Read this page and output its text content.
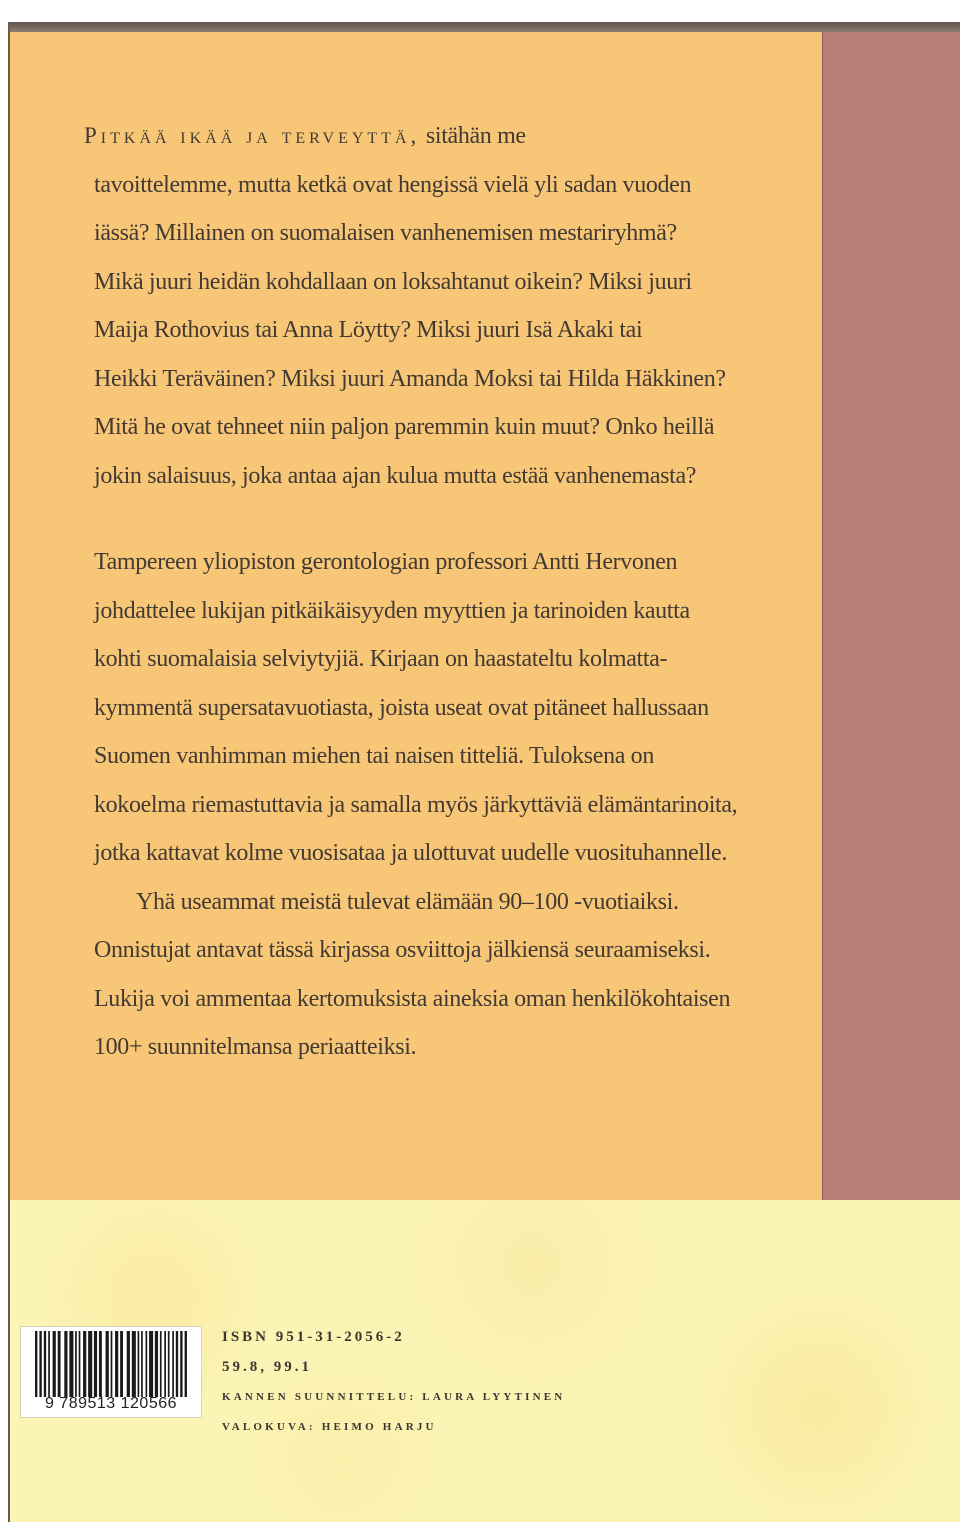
Pitkää ikää ja terveyttä, sitähän me

tavoittelemme, mutta ketkä ovat hengissä vielä yli sadan vuoden

iässä? Millainen on suomalaisen vanhenemisen mestariryhmä?

Mikä juuri heidän kohdallaan on loksahtanut oikein? Miksi juuri

Maija Rothovius tai Anna Löytty? Miksi juuri Isä Akaki tai

Heikki Teräväinen? Miksi juuri Amanda Moksi tai Hilda Häkkinen?

Mitä he ovat tehneet niin paljon paremmin kuin muut? Onko heillä

jokin salaisuus, joka antaa ajan kulua mutta estää vanhenemasta?

Tampereen yliopiston gerontologian professori Antti Hervonen

johdattelee lukijan pitkäikäisyyden myyttien ja tarinoiden kautta

kohti suomalaisia selviytyjiä. Kirjaan on haastateltu kolmatta-

kymmentä supersatavuotiasta, joista useat ovat pitäneet hallussaan

Suomen vanhimman miehen tai naisen titteliä. Tuloksena on

kokoelma riemastuttavia ja samalla myös järkyttäviä elämäntarinoita,

jotka kattavat kolme vuosisataa ja ulottuvat uudelle vuosituhannelle.

Yhä useammat meistä tulevat elämään 90–100 -vuotiaiksi.

Onnistujat antavat tässä kirjassa osviittoja jälkiensä seuraamiseksi.

Lukija voi ammentaa kertomuksista aineksia oman henkilökohtaisen

100+ suunnitelmansa periaatteiksi.

9 789513 120566
ISBN 951-31-2056-2
59.8, 99.1
KANNEN SUUNNITTELU: LAURA LYYTINEN
VALOKUVA: HEIMO HARJU
